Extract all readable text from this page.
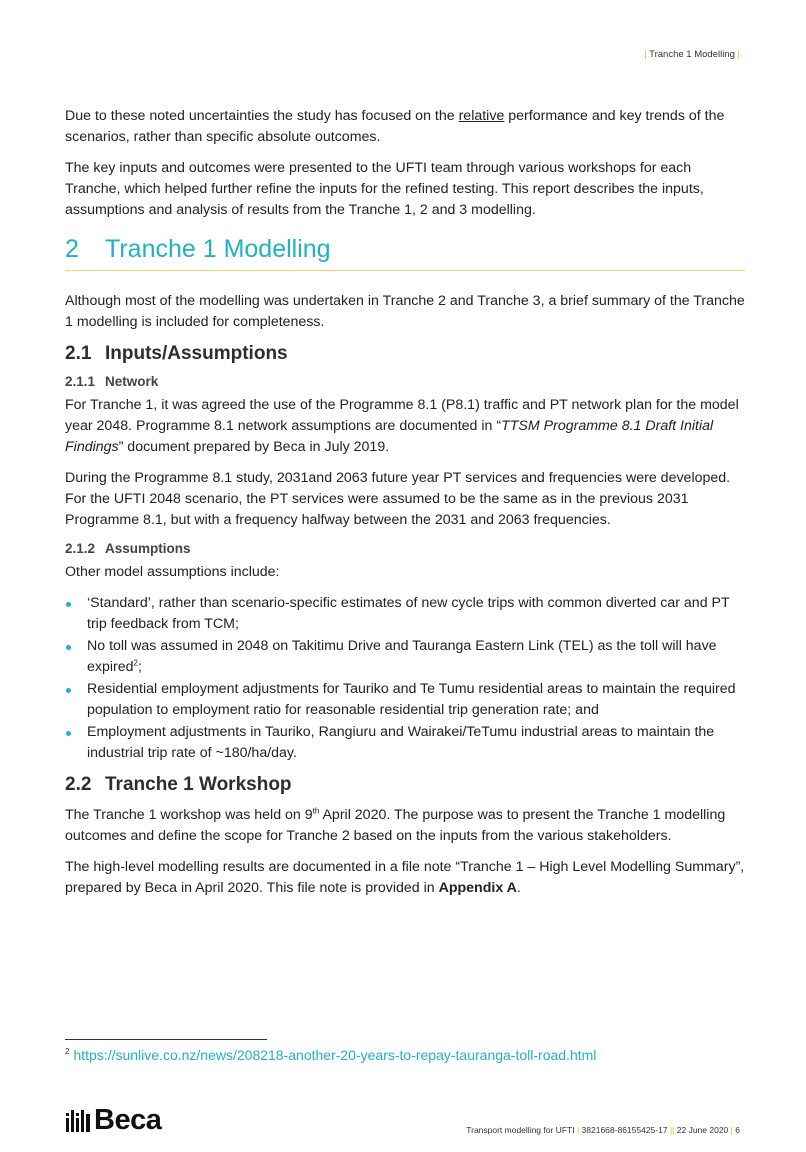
| Tranche 1 Modelling |

Due to these noted uncertainties the study has focused on the relative performance and key trends of the scenarios, rather than specific absolute outcomes.

The key inputs and outcomes were presented to the UFTI team through various workshops for each Tranche, which helped further refine the inputs for the refined testing. This report describes the inputs, assumptions and analysis of results from the Tranche 1, 2 and 3 modelling.

2	Tranche 1 Modelling

Although most of the modelling was undertaken in Tranche 2 and Tranche 3, a brief summary of the Tranche 1 modelling is included for completeness.

2.1 Inputs/Assumptions
2.1.1 Network

For Tranche 1, it was agreed the use of the Programme 8.1 (P8.1) traffic and PT network plan for the model year 2048. Programme 8.1 network assumptions are documented in “TTSM Programme 8.1 Draft Initial Findings” document prepared by Beca in July 2019.

During the Programme 8.1 study, 2031and 2063 future year PT services and frequencies were developed. For the UFTI 2048 scenario, the PT services were assumed to be the same as in the previous 2031 Programme 8.1, but with a frequency halfway between the 2031 and 2063 frequencies.

2.1.2 Assumptions

Other model assumptions include:

‘Standard’, rather than scenario-specific estimates of new cycle trips with common diverted car and PT trip feedback from TCM;
No toll was assumed in 2048 on Takitimu Drive and Tauranga Eastern Link (TEL) as the toll will have expired$^2$;
Residential employment adjustments for Tauriko and Te Tumu residential areas to maintain the required population to employment ratio for reasonable residential trip generation rate; and
Employment adjustments in Tauriko, Rangiuru and Wairakei/TeTumu industrial areas to maintain the industrial trip rate of ~180/ha/day.
2.2 Tranche 1 Workshop

The Tranche 1 workshop was held on 9th April 2020. The purpose was to present the Tranche 1 modelling outcomes and define the scope for Tranche 2 based on the inputs from the various stakeholders.

The high-level modelling results are documented in a file note “Tranche 1 – High Level Modelling Summary”, prepared by Beca in April 2020. This file note is provided in Appendix A.

$^2$ https://sunlive.co.nz/news/208218-another-20-years-to-repay-tauranga-toll-road.html
Beca	Transport modelling for UFTI | 3821668-86155425-17 || 22 June 2020 | 6
